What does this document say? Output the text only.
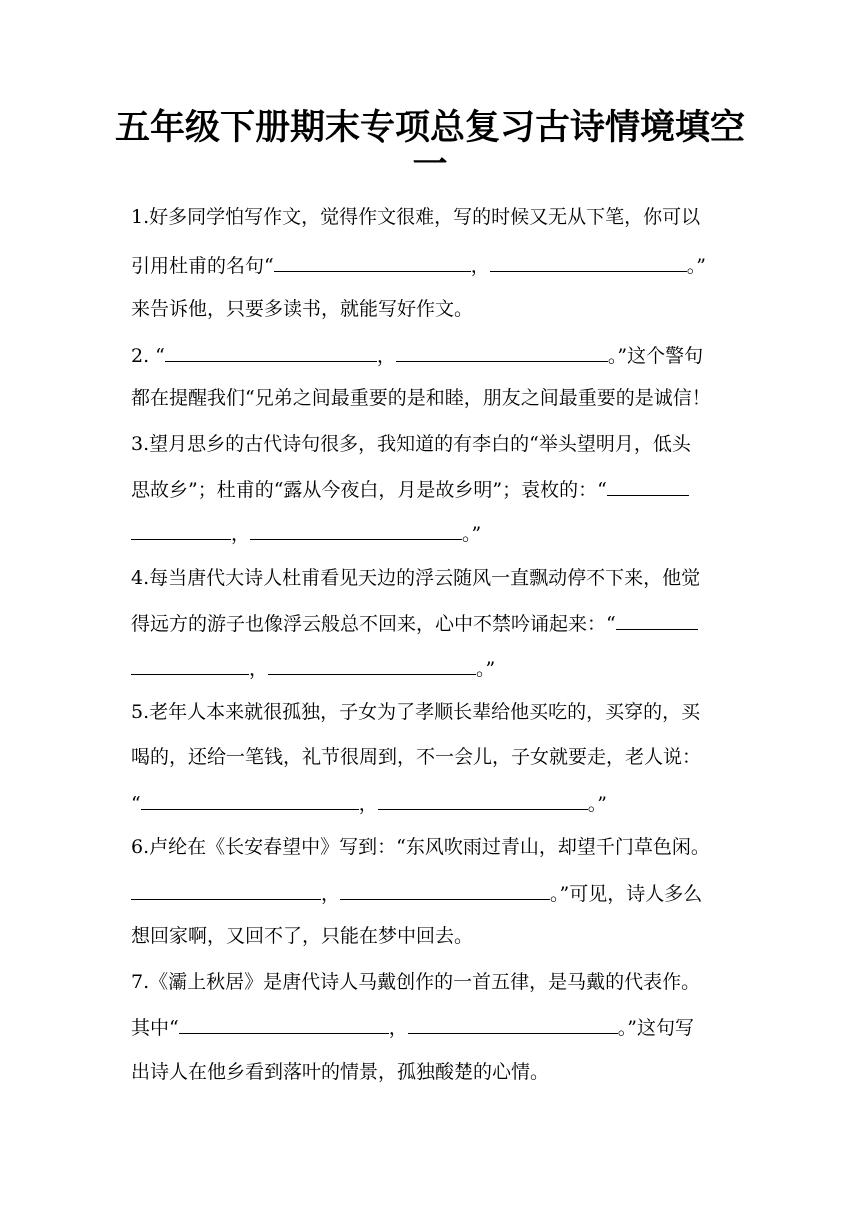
五年级下册期末专项总复习古诗情境填空
一
1.好多同学怕写作文，觉得作文很难，写的时候又无从下笔，你可以
引用杜甫的名句“	，	。”
来告诉他，只要多读书，就能写好作文。
2. “	，	。”这个警句
都在提醒我们“兄弟之间最重要的是和睦，朋友之间最重要的是诚信！
3.望月思乡的古代诗句很多，我知道的有李白的“举头望明月，低头
思故乡”；杜甫的“露从今夜白，月是故乡明”；袁枚的：“
，	。”
4.每当唐代大诗人杜甫看见天边的浮云随风一直飘动停不下来，他觉
得远方的游子也像浮云般总不回来，心中不禁吟诵起来：“
，	。”
5.老年人本来就很孤独，子女为了孝顺长辈给他买吃的，买穿的，买
喝的，还给一笔钱，礼节很周到，不一会儿，子女就要走，老人说：
“	，	。”
6.卢纶在《长安春望中》写到：“东风吹雨过青山，却望千门草色闲。
，	。”可见，诗人多么
想回家啊，又回不了，只能在梦中回去。
7.《灞上秋居》是唐代诗人马戴创作的一首五律，是马戴的代表作。
其中“	，	。”这句写
出诗人在他乡看到落叶的情景，孤独酸楚的心情。
